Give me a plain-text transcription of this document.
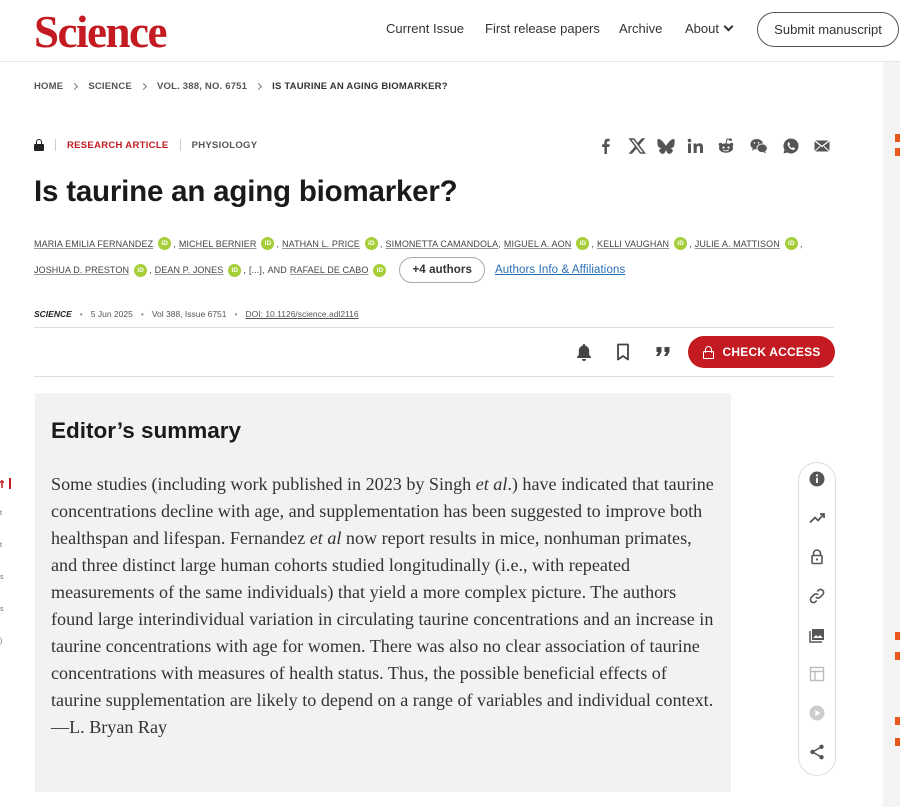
Science	Current Issue First release papers Archive About	Submit manuscript
HOME	SCIENCE	VOL. 388, NO. 6751	IS TAURINE AN AGING BIOMARKER?
RESEARCH ARTICLE PHYSIOLOGY
Is taurine an aging biomarker?
MARIA EMILIA FERNANDEZ	iD , MICHEL BERNIER	iD , NATHAN L. PRICE	iD , SIMONETTA CAMANDOLA , MIGUEL A. AON	iD , KELLI VAUGHAN	iD , JULIE A. MATTISON	iD ,
JOSHUA D. PRESTON	iD , DEAN P. JONES	iD , [...] , AND RAFAEL DE CABO	iD	+4 authors	Authors Info & Affiliations
SCIENCE • 5 Jun 2025 • Vol 388, Issue 6751 • DOI: 10.1126/science.adl2116
CHECK ACCESS
t
t
s
s
)
Editor’s summary

Some studies (including work published in 2023 by Singh et al.) have indicated that taurine concentrations decline with age, and supplementation has been suggested to improve both healthspan and lifespan. Fernandez et al now report results in mice, nonhuman primates, and three distinct large human cohorts studied longitudinally (i.e., with repeated measurements of the same individuals) that yield a more complex picture. The authors found large interindividual variation in circulating taurine concentrations and an increase in taurine concentrations with age for women. There was also no clear association of taurine concentrations with measures of health status. Thus, the possible beneficial effects of taurine supplementation are likely to depend on a range of variables and individual context. —L. Bryan Ray
